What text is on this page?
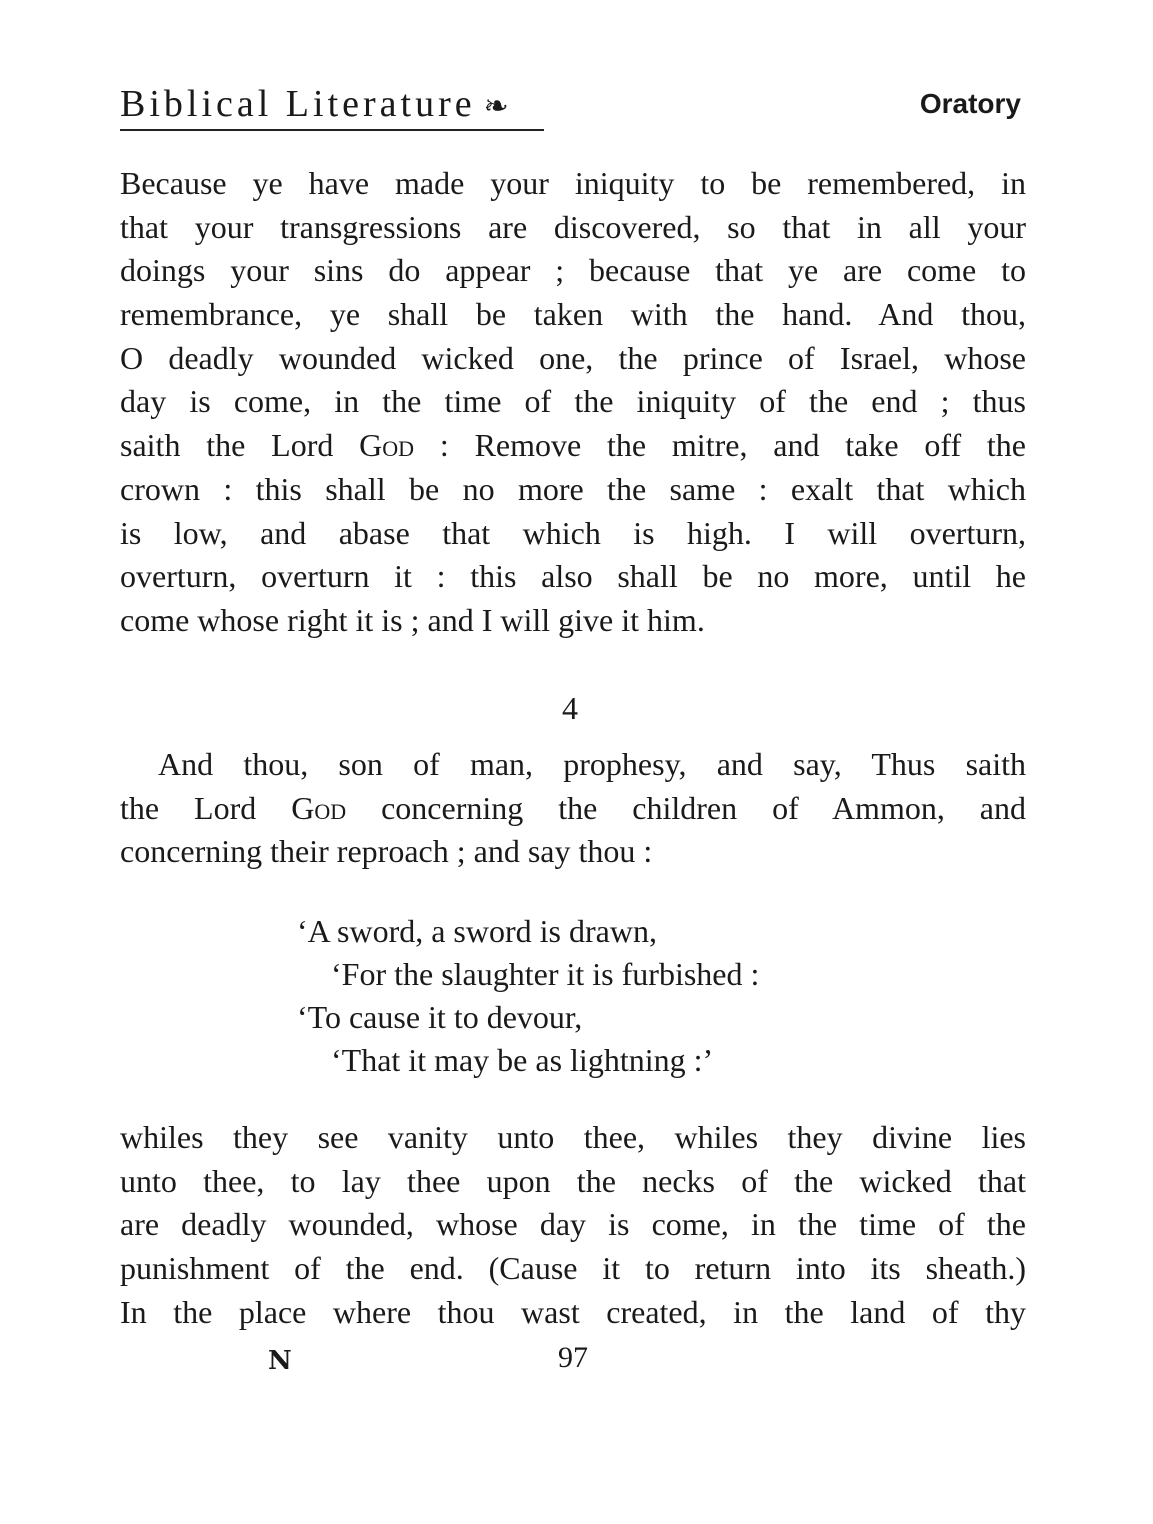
Biblical Literature ❧	Oratory
Because ye have made your iniquity to be remembered, in
that your transgressions are discovered, so that in all your
doings your sins do appear ; because that ye are come to
remembrance, ye shall be taken with the hand. And thou,
O deadly wounded wicked one, the prince of Israel, whose
day is come, in the time of the iniquity of the end ; thus
saith the Lord God : Remove the mitre, and take off the
crown : this shall be no more the same : exalt that which
is low, and abase that which is high. I will overturn,
overturn, overturn it : this also shall be no more, until he
come whose right it is ; and I will give it him.
4
And thou, son of man, prophesy, and say, Thus saith
the Lord God concerning the children of Ammon, and
concerning their reproach ; and say thou :
‘A sword, a sword is drawn,
‘For the slaughter it is furbished :
‘To cause it to devour,
‘That it may be as lightning :’
whiles they see vanity unto thee, whiles they divine lies
unto thee, to lay thee upon the necks of the wicked that
are deadly wounded, whose day is come, in the time of the
punishment of the end. (Cause it to return into its sheath.)
In the place where thou wast created, in the land of thy
N	97
